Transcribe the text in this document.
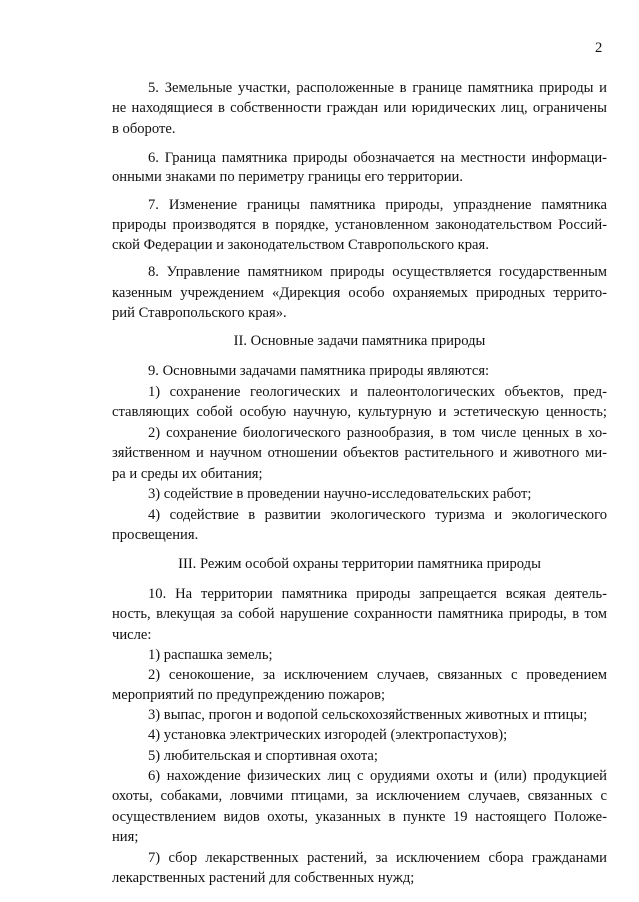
2
5. Земельные участки, расположенные в границе памятника природы и
не находящиеся в собственности граждан или юридических лиц, ограничены
в обороте.
6. Граница памятника природы обозначается на местности информаци-
онными знаками по периметру границы его территории.
7. Изменение границы памятника природы, упразднение памятника
природы производятся в порядке, установленном законодательством Россий-
ской Федерации и законодательством Ставропольского края.
8. Управление памятником природы осуществляется государственным
казенным учреждением «Дирекция особо охраняемых природных террито-
рий Ставропольского края».
II. Основные задачи памятника природы
9. Основными задачами памятника природы являются:
1) сохранение геологических и палеонтологических объектов, пред-
ставляющих собой особую научную, культурную и эстетическую ценность;
2) сохранение биологического разнообразия, в том числе ценных в хо-
зяйственном и научном отношении объектов растительного и животного ми-
ра и среды их обитания;
3) содействие в проведении научно-исследовательских работ;
4) содействие в развитии экологического туризма и экологического
просвещения.
III. Режим особой охраны территории памятника природы
10. На территории памятника природы запрещается всякая деятель-
ность, влекущая за собой нарушение сохранности памятника природы, в том
числе:
1) распашка земель;
2) сенокошение, за исключением случаев, связанных с проведением
мероприятий по предупреждению пожаров;
3) выпас, прогон и водопой сельскохозяйственных животных и птицы;
4) установка электрических изгородей (электропастухов);
5) любительская и спортивная охота;
6) нахождение физических лиц с орудиями охоты и (или) продукцией
охоты, собаками, ловчими птицами, за исключением случаев, связанных с
осуществлением видов охоты, указанных в пункте 19 настоящего Положе-
ния;
7) сбор лекарственных растений, за исключением сбора гражданами
лекарственных растений для собственных нужд;
